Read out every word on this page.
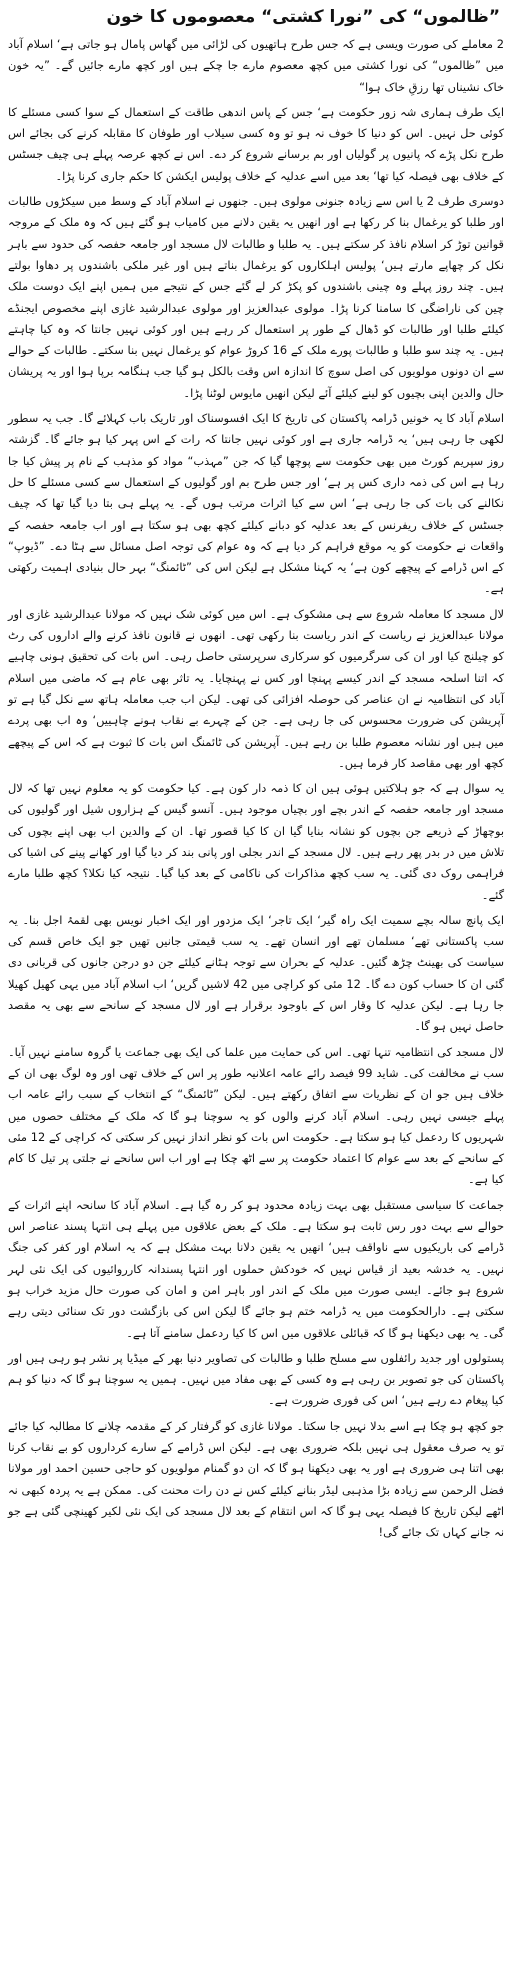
”ظالموں“ کی ”نورا کشتی“ معصوموں کا خون

2 معاملے کی صورت ویسی ہے کہ جس طرح ہاتھیوں کی لڑائی میں گھاس پامال ہو جاتی ہے‘ اسلام آباد میں ”ظالموں“ کی نورا کشتی میں کچھ معصوم مارے جا چکے ہیں اور کچھ مارے جائیں گے۔ ”یہ خون خاک نشیناں تھا رزقِ خاک ہوا“

ایک طرف ہماری شہ زور حکومت ہے‘ جس کے پاس اندھی طاقت کے استعمال کے سوا کسی مسئلے کا کوئی حل نہیں۔ اس کو دنیا کا خوف نہ ہو تو وہ کسی سیلاب اور طوفان کا مقابلہ کرنے کی بجائے اس طرح نکل پڑے کہ پانیوں پر گولیاں اور بم برسانے شروع کر دے۔ اس نے کچھ عرصہ پہلے ہی چیف جسٹس کے خلاف بھی فیصلہ کیا تھا‘ بعد میں اسے عدلیہ کے خلاف پولیس ایکشن کا حکم جاری کرنا پڑا۔

دوسری طرف 2 یا اس سے زیادہ جنونی مولوی ہیں۔ جنھوں نے اسلام آباد کے وسط میں سیکڑوں طالبات اور طلبا کو یرغمال بنا کر رکھا ہے اور انھیں یہ یقین دلانے میں کامیاب ہو گئے ہیں کہ وہ ملک کے مروجہ قوانین توڑ کر اسلام نافذ کر سکتے ہیں۔ یہ طلبا و طالبات لال مسجد اور جامعہ حفصہ کی حدود سے باہر نکل کر چھاپے مارتے ہیں‘ پولیس اہلکاروں کو یرغمال بناتے ہیں اور غیر ملکی باشندوں پر دھاوا بولتے ہیں۔ چند روز پہلے وہ چینی باشندوں کو پکڑ کر لے گئے جس کے نتیجے میں ہمیں اپنے ایک دوست ملک چین کی ناراضگی کا سامنا کرنا پڑا۔ مولوی عبدالعزیز اور مولوی عبدالرشید غازی اپنے مخصوص ایجنڈے کیلئے طلبا اور طالبات کو ڈھال کے طور پر استعمال کر رہے ہیں اور کوئی نہیں جانتا کہ وہ کیا چاہتے ہیں۔ یہ چند سو طلبا و طالبات پورے ملک کے 16 کروڑ عوام کو یرغمال نہیں بنا سکتے۔ طالبات کے حوالے سے ان دونوں مولویوں کی اصل سوچ کا اندازہ اس وقت بالکل ہو گیا جب ہنگامہ برپا ہوا اور یہ پریشان حال والدین اپنی بچیوں کو لینے کیلئے آئے لیکن انھیں مایوس لوٹنا پڑا۔

اسلام آباد کا یہ خونیں ڈرامہ پاکستان کی تاریخ کا ایک افسوسناک اور تاریک باب کہلائے گا۔ جب یہ سطور لکھی جا رہی ہیں‘ یہ ڈرامہ جاری ہے اور کوئی نہیں جانتا کہ رات کے اس پہر کیا ہو جائے گا۔ گزشتہ روز سپریم کورٹ میں بھی حکومت سے پوچھا گیا کہ جن ”مہذب“ مواد کو مذہب کے نام پر پیش کیا جا رہا ہے اس کی ذمہ داری کس پر ہے‘ اور جس طرح بم اور گولیوں کے استعمال سے کسی مسئلے کا حل نکالنے کی بات کی جا رہی ہے‘ اس سے کیا اثرات مرتب ہوں گے۔ یہ پہلے ہی بتا دیا گیا تھا کہ چیف جسٹس کے خلاف ریفرنس کے بعد عدلیہ کو دبانے کیلئے کچھ بھی ہو سکتا ہے اور اب جامعہ حفصہ کے واقعات نے حکومت کو یہ موقع فراہم کر دیا ہے کہ وہ عوام کی توجہ اصل مسائل سے ہٹا دے۔ ”ڈیوپ“ کے اس ڈرامے کے پیچھے کون ہے‘ یہ کہنا مشکل ہے لیکن اس کی ”ٹائمنگ“ بہر حال بنیادی اہمیت رکھتی ہے۔

لال مسجد کا معاملہ شروع سے ہی مشکوک ہے۔ اس میں کوئی شک نہیں کہ مولانا عبدالرشید غازی اور مولانا عبدالعزیز نے ریاست کے اندر ریاست بنا رکھی تھی۔ انھوں نے قانون نافذ کرنے والے اداروں کی رٹ کو چیلنج کیا اور ان کی سرگرمیوں کو سرکاری سرپرستی حاصل رہی۔ اس بات کی تحقیق ہونی چاہیے کہ اتنا اسلحہ مسجد کے اندر کیسے پہنچا اور کس نے پہنچایا۔ یہ تاثر بھی عام ہے کہ ماضی میں اسلام آباد کی انتظامیہ نے ان عناصر کی حوصلہ افزائی کی تھی۔ لیکن اب جب معاملہ ہاتھ سے نکل گیا ہے تو آپریشن کی ضرورت محسوس کی جا رہی ہے۔ جن کے چہرے بے نقاب ہونے چاہییں‘ وہ اب بھی پردے میں ہیں اور نشانہ معصوم طلبا بن رہے ہیں۔ آپریشن کی ٹائمنگ اس بات کا ثبوت ہے کہ اس کے پیچھے کچھ اور بھی مقاصد کار فرما ہیں۔

یہ سوال ہے کہ جو ہلاکتیں ہوئی ہیں ان کا ذمہ دار کون ہے۔ کیا حکومت کو یہ معلوم نہیں تھا کہ لال مسجد اور جامعہ حفصہ کے اندر بچے اور بچیاں موجود ہیں۔ آنسو گیس کے ہزاروں شیل اور گولیوں کی بوچھاڑ کے ذریعے جن بچوں کو نشانہ بنایا گیا ان کا کیا قصور تھا۔ ان کے والدین اب بھی اپنے بچوں کی تلاش میں در بدر پھر رہے ہیں۔ لال مسجد کے اندر بجلی اور پانی بند کر دیا گیا اور کھانے پینے کی اشیا کی فراہمی روک دی گئی۔ یہ سب کچھ مذاکرات کی ناکامی کے بعد کیا گیا۔ نتیجہ کیا نکلا؟ کچھ طلبا مارے گئے۔

ایک پانچ سالہ بچے سمیت ایک راہ گیر‘ ایک تاجر‘ ایک مزدور اور ایک اخبار نویس بھی لقمۂ اجل بنا۔ یہ سب پاکستانی تھے‘ مسلمان تھے اور انسان تھے۔ یہ سب قیمتی جانیں تھیں جو ایک خاص قسم کی سیاست کی بھینٹ چڑھ گئیں۔ عدلیہ کے بحران سے توجہ ہٹانے کیلئے جن دو درجن جانوں کی قربانی دی گئی ان کا حساب کون دے گا۔ 12 مئی کو کراچی میں 42 لاشیں گریں‘ اب اسلام آباد میں یہی کھیل کھیلا جا رہا ہے۔ لیکن عدلیہ کا وقار اس کے باوجود برقرار ہے اور لال مسجد کے سانحے سے بھی یہ مقصد حاصل نہیں ہو گا۔

لال مسجد کی انتظامیہ تنہا تھی۔ اس کی حمایت میں علما کی ایک بھی جماعت یا گروہ سامنے نہیں آیا۔ سب نے مخالفت کی۔ شاید 99 فیصد رائے عامہ اعلانیہ طور پر اس کے خلاف تھی اور وہ لوگ بھی ان کے خلاف ہیں جو ان کے نظریات سے اتفاق رکھتے ہیں۔ لیکن ”ٹائمنگ“ کے انتخاب کے سبب رائے عامہ اب پہلے جیسی نہیں رہی۔ اسلام آباد کرنے والوں کو یہ سوچنا ہو گا کہ ملک کے مختلف حصوں میں شہریوں کا ردعمل کیا ہو سکتا ہے۔ حکومت اس بات کو نظر انداز نہیں کر سکتی کہ کراچی کے 12 مئی کے سانحے کے بعد سے عوام کا اعتماد حکومت پر سے اٹھ چکا ہے اور اب اس سانحے نے جلتی پر تیل کا کام کیا ہے۔

جماعت کا سیاسی مستقبل بھی بہت زیادہ محدود ہو کر رہ گیا ہے۔ اسلام آباد کا سانحہ اپنے اثرات کے حوالے سے بہت دور رس ثابت ہو سکتا ہے۔ ملک کے بعض علاقوں میں پہلے ہی انتہا پسند عناصر اس ڈرامے کی باریکیوں سے ناواقف ہیں‘ انھیں یہ یقین دلانا بہت مشکل ہے کہ یہ اسلام اور کفر کی جنگ نہیں۔ یہ خدشہ بعید از قیاس نہیں کہ خودکش حملوں اور انتہا پسندانہ کارروائیوں کی ایک نئی لہر شروع ہو جائے۔ ایسی صورت میں ملک کے اندر اور باہر امن و امان کی صورت حال مزید خراب ہو سکتی ہے۔ دارالحکومت میں یہ ڈرامہ ختم ہو جائے گا لیکن اس کی بازگشت دور تک سنائی دیتی رہے گی۔ یہ بھی دیکھنا ہو گا کہ قبائلی علاقوں میں اس کا کیا ردعمل سامنے آتا ہے۔

پستولوں اور جدید رائفلوں سے مسلح طلبا و طالبات کی تصاویر دنیا بھر کے میڈیا پر نشر ہو رہی ہیں اور پاکستان کی جو تصویر بن رہی ہے وہ کسی کے بھی مفاد میں نہیں۔ ہمیں یہ سوچنا ہو گا کہ دنیا کو ہم کیا پیغام دے رہے ہیں‘ اس کی فوری ضرورت ہے۔

جو کچھ ہو چکا ہے اسے بدلا نہیں جا سکتا۔ مولانا غازی کو گرفتار کر کے مقدمہ چلانے کا مطالبہ کیا جائے تو یہ صرف معقول ہی نہیں بلکہ ضروری بھی ہے۔ لیکن اس ڈرامے کے سارے کرداروں کو بے نقاب کرنا بھی اتنا ہی ضروری ہے اور یہ بھی دیکھنا ہو گا کہ ان دو گمنام مولویوں کو حاجی حسین احمد اور مولانا فضل الرحمن سے زیادہ بڑا مذہبی لیڈر بنانے کیلئے کس نے دن رات محنت کی۔ ممکن ہے یہ پردہ کبھی نہ اٹھے لیکن تاریخ کا فیصلہ یہی ہو گا کہ اس انتقام کے بعد لال مسجد کی ایک نئی لکیر کھینچی گئی ہے جو نہ جانے کہاں تک جائے گی!
